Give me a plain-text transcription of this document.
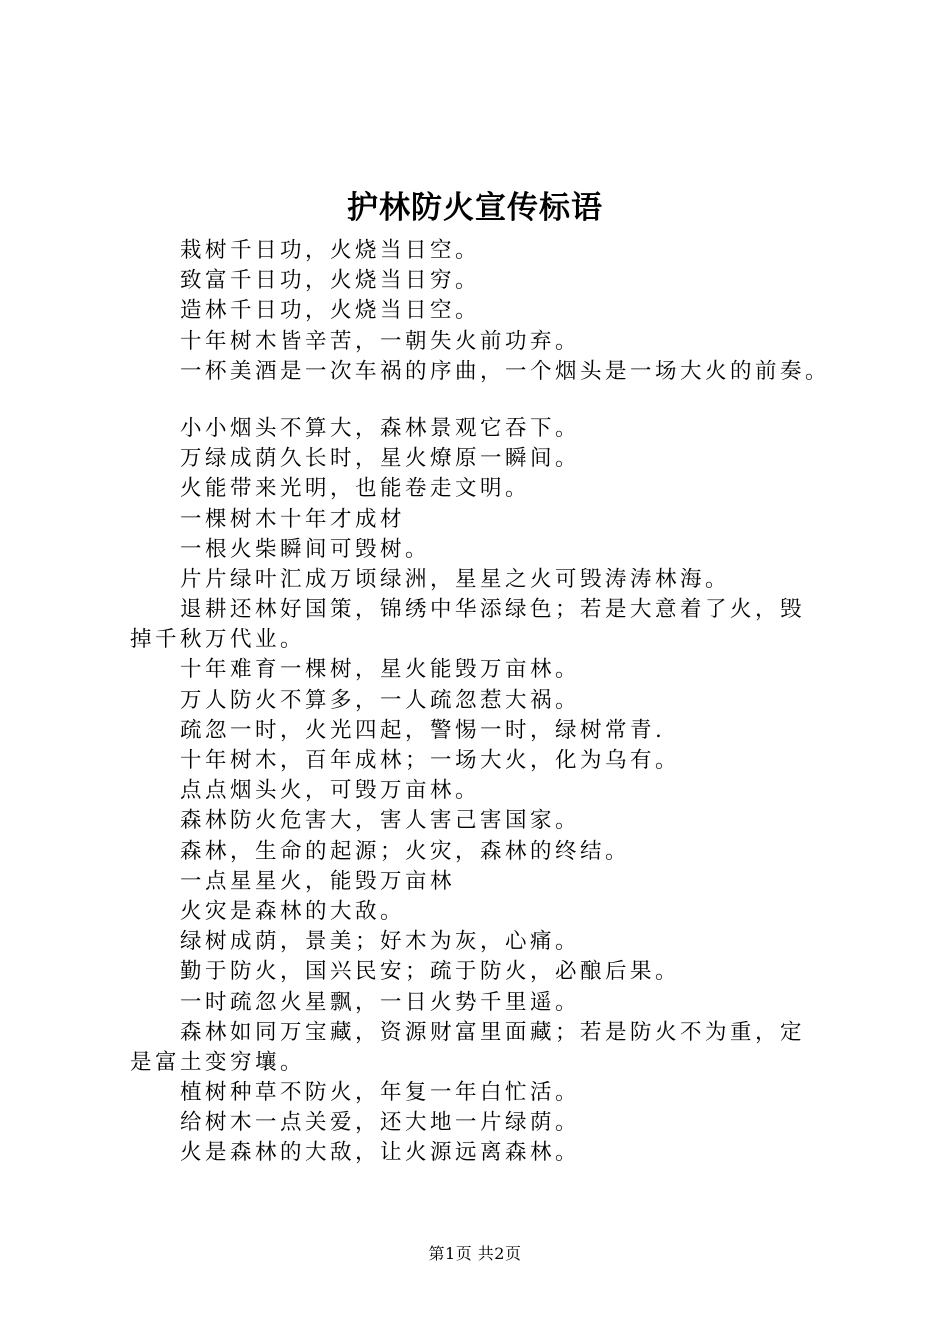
护林防火宣传标语
栽树千日功，火烧当日空。
致富千日功，火烧当日穷。
造林千日功，火烧当日空。
十年树木皆辛苦，一朝失火前功弃。
一杯美酒是一次车祸的序曲，一个烟头是一场大火的前奏。
小小烟头不算大，森林景观它吞下。
万绿成荫久长时，星火燎原一瞬间。
火能带来光明，也能卷走文明。
一棵树木十年才成材
一根火柴瞬间可毁树。
片片绿叶汇成万顷绿洲，星星之火可毁涛涛林海。
退耕还林好国策，锦绣中华添绿色；若是大意着了火，毁
掉千秋万代业。
十年难育一棵树，星火能毁万亩林。
万人防火不算多，一人疏忽惹大祸。
疏忽一时，火光四起，警惕一时，绿树常青.
十年树木，百年成林；一场大火，化为乌有。
点点烟头火，可毁万亩林。
森林防火危害大，害人害己害国家。
森林，生命的起源；火灾，森林的终结。
一点星星火，能毁万亩林
火灾是森林的大敌。
绿树成荫，景美；好木为灰，心痛。
勤于防火，国兴民安；疏于防火，必酿后果。
一时疏忽火星飘，一日火势千里遥。
森林如同万宝藏，资源财富里面藏；若是防火不为重，定
是富土变穷壤。
植树种草不防火，年复一年白忙活。
给树木一点关爱，还大地一片绿荫。
火是森林的大敌，让火源远离森林。
第1页 共2页
